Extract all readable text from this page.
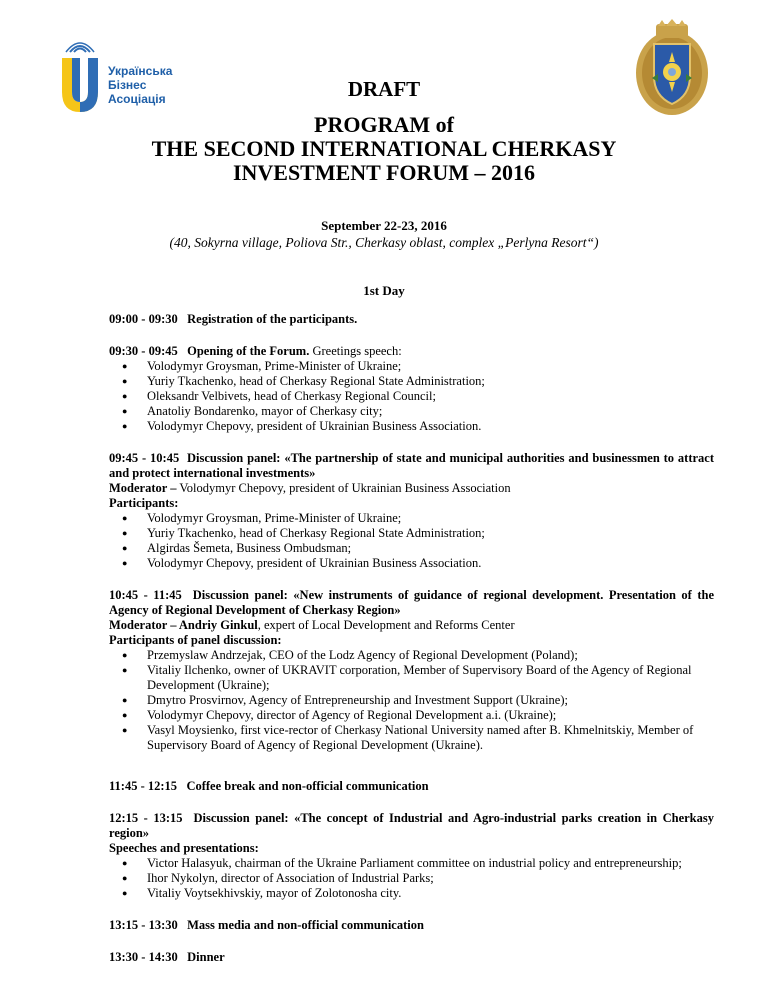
Українська
Бізнес
Асоціація	DRAFT
PROGRAM of
THE SECOND INTERNATIONAL CHERKASY
INVESTMENT FORUM – 2016
September 22-23, 2016
(40, Sokyrna village, Poliova Str., Cherkasy oblast, complex „Perlyna Resort“)
1st Day
09:00 - 09:30 Registration of the participants.
09:30 - 09:45 Opening of the Forum. Greetings speech:
● Volodymyr Groysman, Prime-Minister of Ukraine;
● Yuriy Tkachenko, head of Cherkasy Regional State Administration;
● Oleksandr Velbivets, head of Cherkasy Regional Council;
● Anatoliy Bondarenko, mayor of Cherkasy city;
● Volodymyr Chepovy, president of Ukrainian Business Association.
09:45 - 10:45 Discussion panel: «The partnership of state and municipal authorities and businessmen to attract and protect international investments»
Moderator – Volodymyr Chepovy, president of Ukrainian Business Association
Participants:
● Volodymyr Groysman, Prime-Minister of Ukraine;
● Yuriy Tkachenko, head of Cherkasy Regional State Administration;
● Algirdas Šemeta, Business Ombudsman;
● Volodymyr Chepovy, president of Ukrainian Business Association.
10:45 - 11:45 Discussion panel: «New instruments of guidance of regional development. Presentation of the Agency of Regional Development of Cherkasy Region»
Moderator – Andriy Ginkul, expert of Local Development and Reforms Center
Participants of panel discussion:
● Przemyslaw Andrzejak, CEO of the Lodz Agency of Regional Development (Poland);
● Vitaliy Ilchenko, owner of UKRAVIT corporation, Member of Supervisory Board of the Agency of Regional Development (Ukraine);
● Dmytro Prosvirnov, Agency of Entrepreneurship and Investment Support (Ukraine);
● Volodymyr Chepovy, director of Agency of Regional Development a.i. (Ukraine);
● Vasyl Moysienko, first vice-rector of Cherkasy National University named after B. Khmelnitskiy, Member of Supervisory Board of Agency of Regional Development (Ukraine).
11:45 - 12:15 Coffee break and non-official communication
12:15 - 13:15 Discussion panel: «The concept of Industrial and Agro-industrial parks creation in Cherkasy region»
Speeches and presentations:
● Victor Halasyuk, chairman of the Ukraine Parliament committee on industrial policy and entrepreneurship;
● Ihor Nykolyn, director of Association of Industrial Parks;
● Vitaliy Voytsekhivskiy, mayor of Zolotonosha city.
13:15 - 13:30 Mass media and non-official communication
13:30 - 14:30 Dinner
